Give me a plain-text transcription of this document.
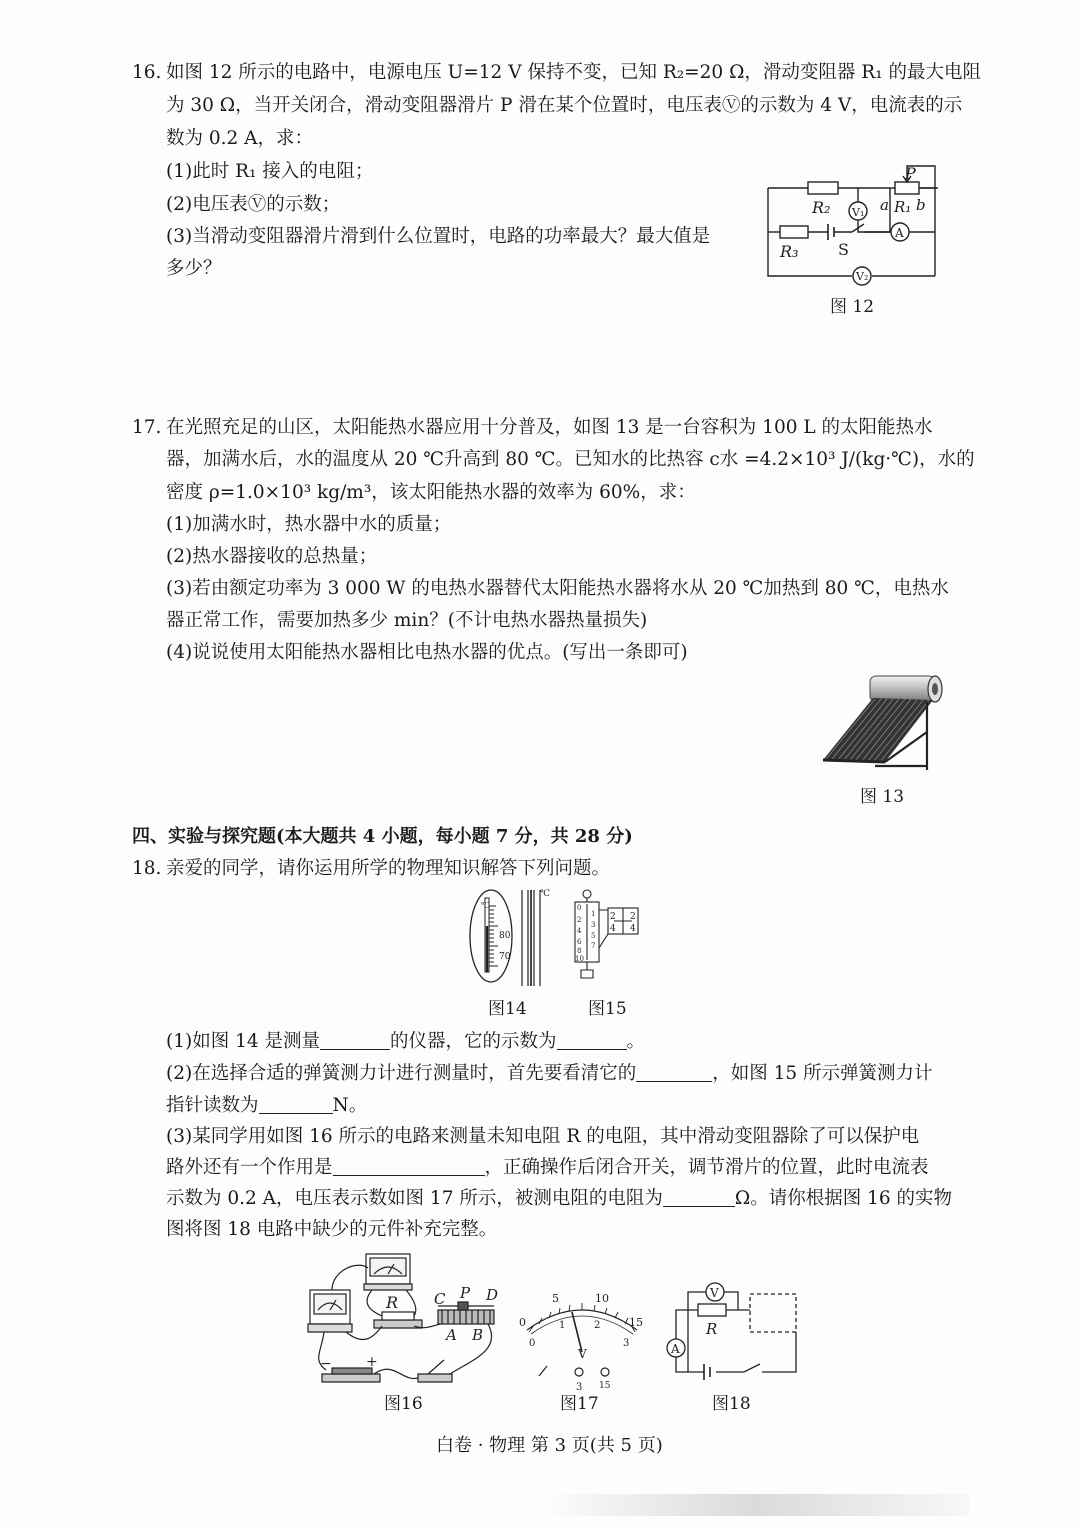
16. 如图 12 所示的电路中，电源电压 U=12 V 保持不变，已知 R₂=20 Ω，滑动变阻器 R₁ 的最大电阻
为 30 Ω，当开关闭合，滑动变阻器滑片 P 滑在某个位置时，电压表Ⓥ的示数为 4 V，电流表的示
数为 0.2 A，求：
(1)此时 R₁ 接入的电阻；
(2)电压表Ⓥ的示数；
(3)当滑动变阻器滑片滑到什么位置时，电路的功率最大？最大值是
多少？
P
R₂ V₁ a R₁ b
R₃ S
A
V₂
图 12
17. 在光照充足的山区，太阳能热水器应用十分普及，如图 13 是一台容积为 100 L 的太阳能热水
器，加满水后，水的温度从 20 ℃升高到 80 ℃。已知水的比热容 c水 =4.2×10³ J/(kg·℃)，水的
密度 ρ=1.0×10³ kg/m³，该太阳能热水器的效率为 60%，求：
(1)加满水时，热水器中水的质量；
(2)热水器接收的总热量；
(3)若由额定功率为 3 000 W 的电热水器替代太阳能热水器将水从 20 ℃加热到 80 ℃，电热水
器正常工作，需要加热多少 min？(不计电热水器热量损失)
(4)说说使用太阳能热水器相比电热水器的优点。(写出一条即可)
图 13
四、实验与探究题(本大题共 4 小题，每小题 7 分，共 28 分)
18. 亲爱的同学，请你运用所学的物理知识解答下列问题。
℃
80
70
℃
图14
0
2
4
6
8
10
1
3
5
7
2
4
2
4
图15
(1)如图 14 是测量	的仪器，它的示数为	。
(2)在选择合适的弹簧测力计进行测量时，首先要看清它的	，如图 15 所示弹簧测力计
指针读数为	N。
(3)某同学用如图 16 所示的电路来测量未知电阻 R 的电阻，其中滑动变阻器除了可以保护电
路外还有一个作用是	，正确操作后闭合开关，调节滑片的位置，此时电流表
示数为 0.2 A，电压表示数如图 17 所示，被测电阻的电阻为	Ω。请你根据图 16 的实物
图将图 18 电路中缺少的元件补充完整。
R C P D
A B
− +
图16
5	10
0	15
0
1	2
3
V
3 15
图17
V
R
A
图18
白卷 · 物理 第 3 页(共 5 页)
